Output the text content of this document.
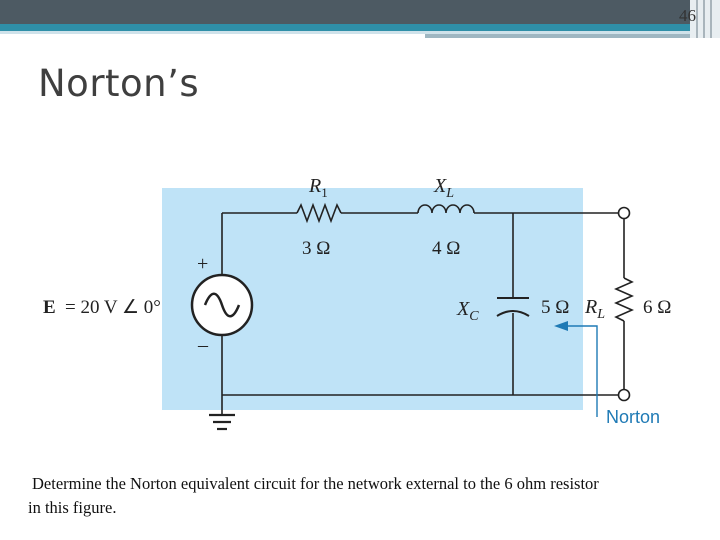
46
Norton’s
$R_1$
3 Ω
$X_L$
4 Ω
$X_C$	5 Ω $R_L$ 6 Ω
E = 20 V ∠ 0°
+
–
Norton
Determine the Norton equivalent circuit for the network external to the 6 ohm resistor
in this figure.
